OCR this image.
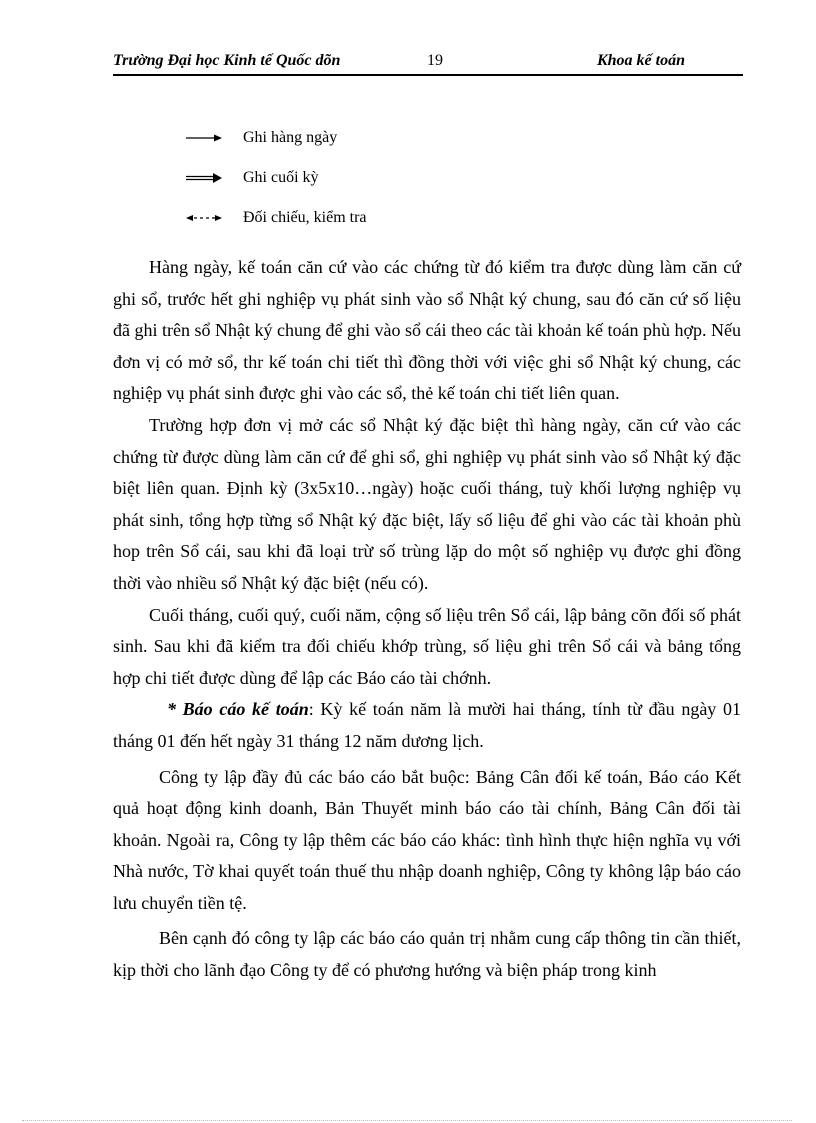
Trường Đại học Kinh tế Quốc dõn	19	Khoa kế toán
Ghi hàng ngày
Ghi cuối kỳ
Đối chiếu, kiểm tra

Hàng ngày, kế toán căn cứ vào các chứng từ đó kiểm tra được dùng làm căn cứ ghi sổ, trước hết ghi nghiệp vụ phát sinh vào sổ Nhật ký chung, sau đó căn cứ số liệu đã ghi trên sổ Nhật ký chung để ghi vào sổ cái theo các tài khoản kế toán phù hợp. Nếu đơn vị có mở sổ, thr kế toán chi tiết thì đồng thời với việc ghi sổ Nhật ký chung, các nghiệp vụ phát sinh được ghi vào các sổ, thẻ kế toán chi tiết liên quan.

Trường hợp đơn vị mở các sổ Nhật ký đặc biệt thì hàng ngày, căn cứ vào các chứng từ được dùng làm căn cứ để ghi sổ, ghi nghiệp vụ phát sinh vào sổ Nhật ký đặc biệt liên quan. Định kỳ (3x5x10…ngày) hoặc cuối tháng, tuỳ khối lượng nghiệp vụ phát sinh, tổng hợp từng sổ Nhật ký đặc biệt, lấy số liệu để ghi vào các tài khoản phù hop trên Sổ cái, sau khi đã loại trừ số trùng lặp do một số nghiệp vụ được ghi đồng thời vào nhiều sổ Nhật ký đặc biệt (nếu có).

Cuối tháng, cuối quý, cuối năm, cộng số liệu trên Sổ cái, lập bảng cõn đối số phát sinh. Sau khi đã kiểm tra đối chiếu khớp trùng, số liệu ghi trên Sổ cái và bảng tổng hợp chi tiết được dùng để lập các Báo cáo tài chớnh.

* Báo cáo kế toán: Kỳ kế toán năm là mười hai tháng, tính từ đầu ngày 01 tháng 01 đến hết ngày 31 tháng 12 năm dương lịch.

Công ty lập đầy đủ các báo cáo bắt buộc: Bảng Cân đối kế toán, Báo cáo Kết quả hoạt động kinh doanh, Bản Thuyết minh báo cáo tài chính, Bảng Cân đối tài khoản. Ngoài ra, Công ty lập thêm các báo cáo khác: tình hình thực hiện nghĩa vụ với Nhà nước, Tờ khai quyết toán thuế thu nhập doanh nghiệp, Công ty không lập báo cáo lưu chuyển tiền tệ.

Bên cạnh đó công ty lập các báo cáo quản trị nhằm cung cấp thông tin cần thiết, kịp thời cho lãnh đạo Công ty để có phương hướng và biện pháp trong kinh
